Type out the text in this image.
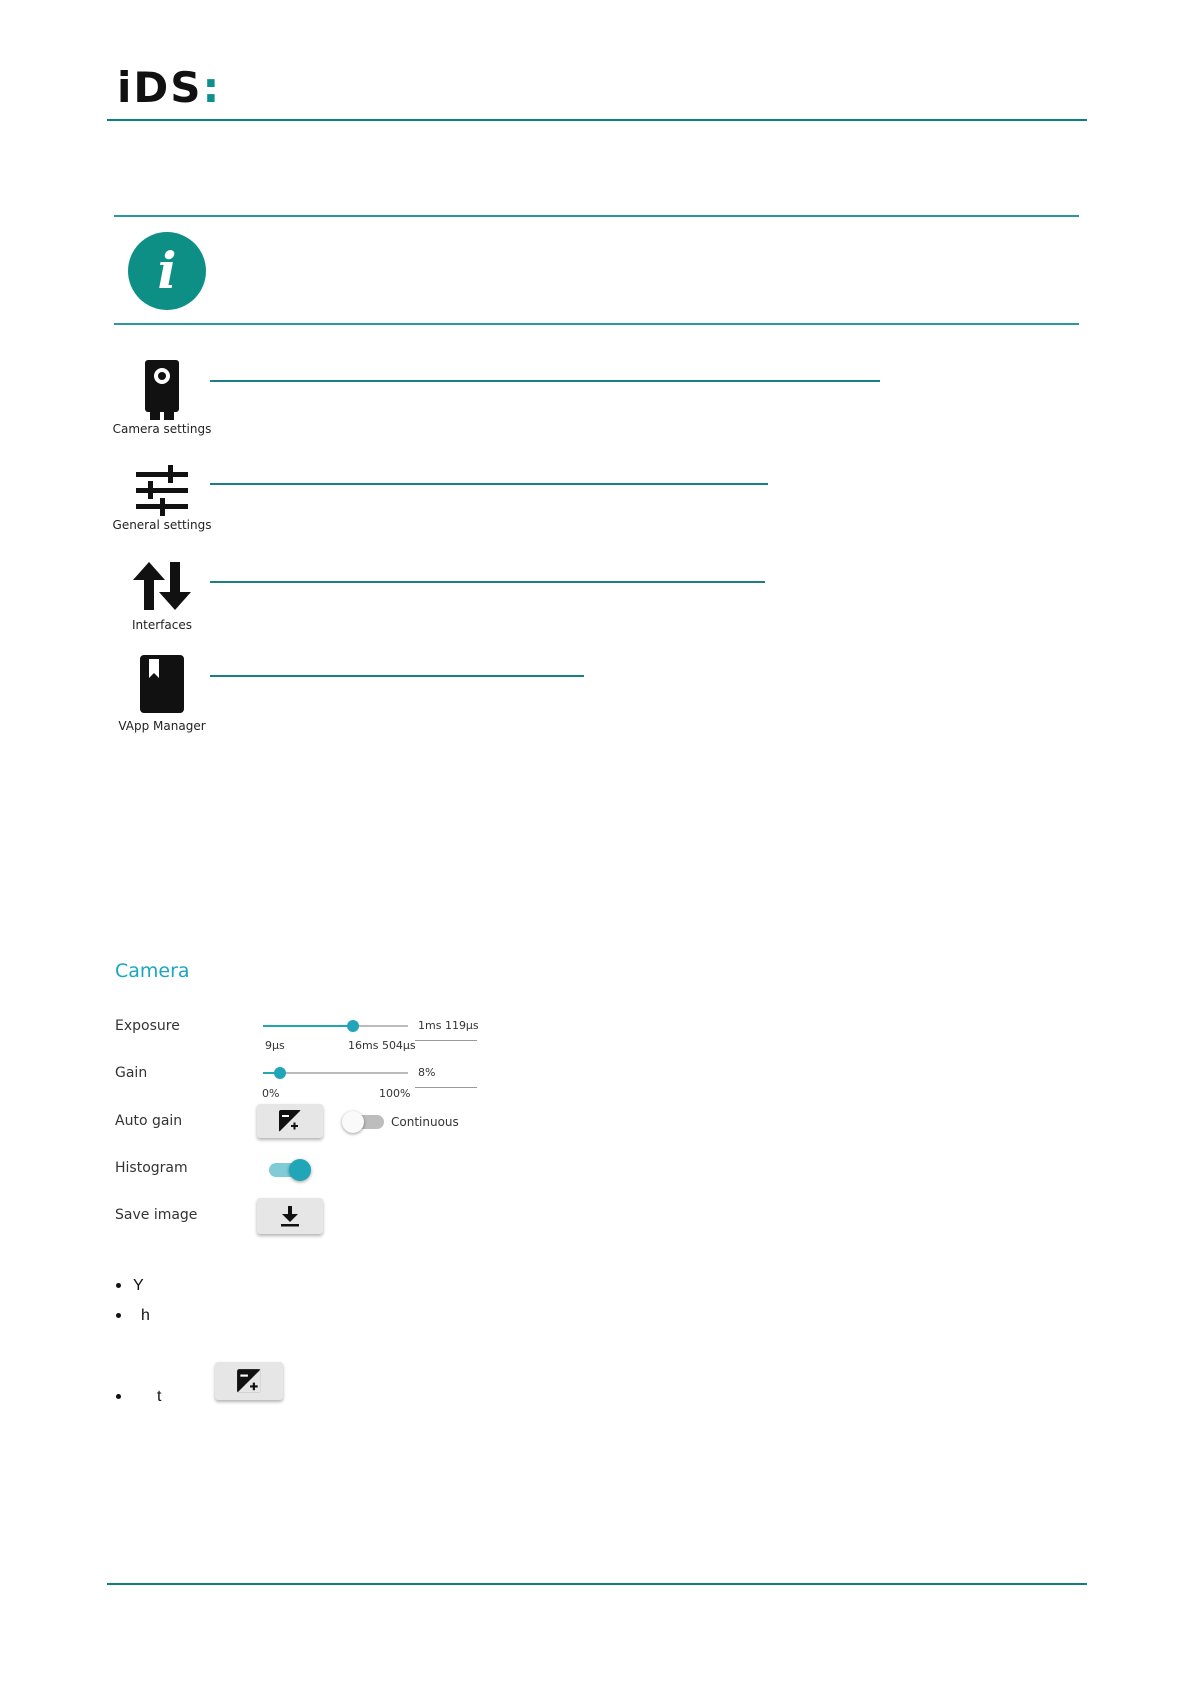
iDS:
i
Camera settings
General settings
Interfaces
VApp Manager
Camera
Exposure	1ms 119µs
9µs	16ms 504µs
Gain	8%
0%	100%
Auto gain	Continuous
Histogram
Save image
Y
h
t
